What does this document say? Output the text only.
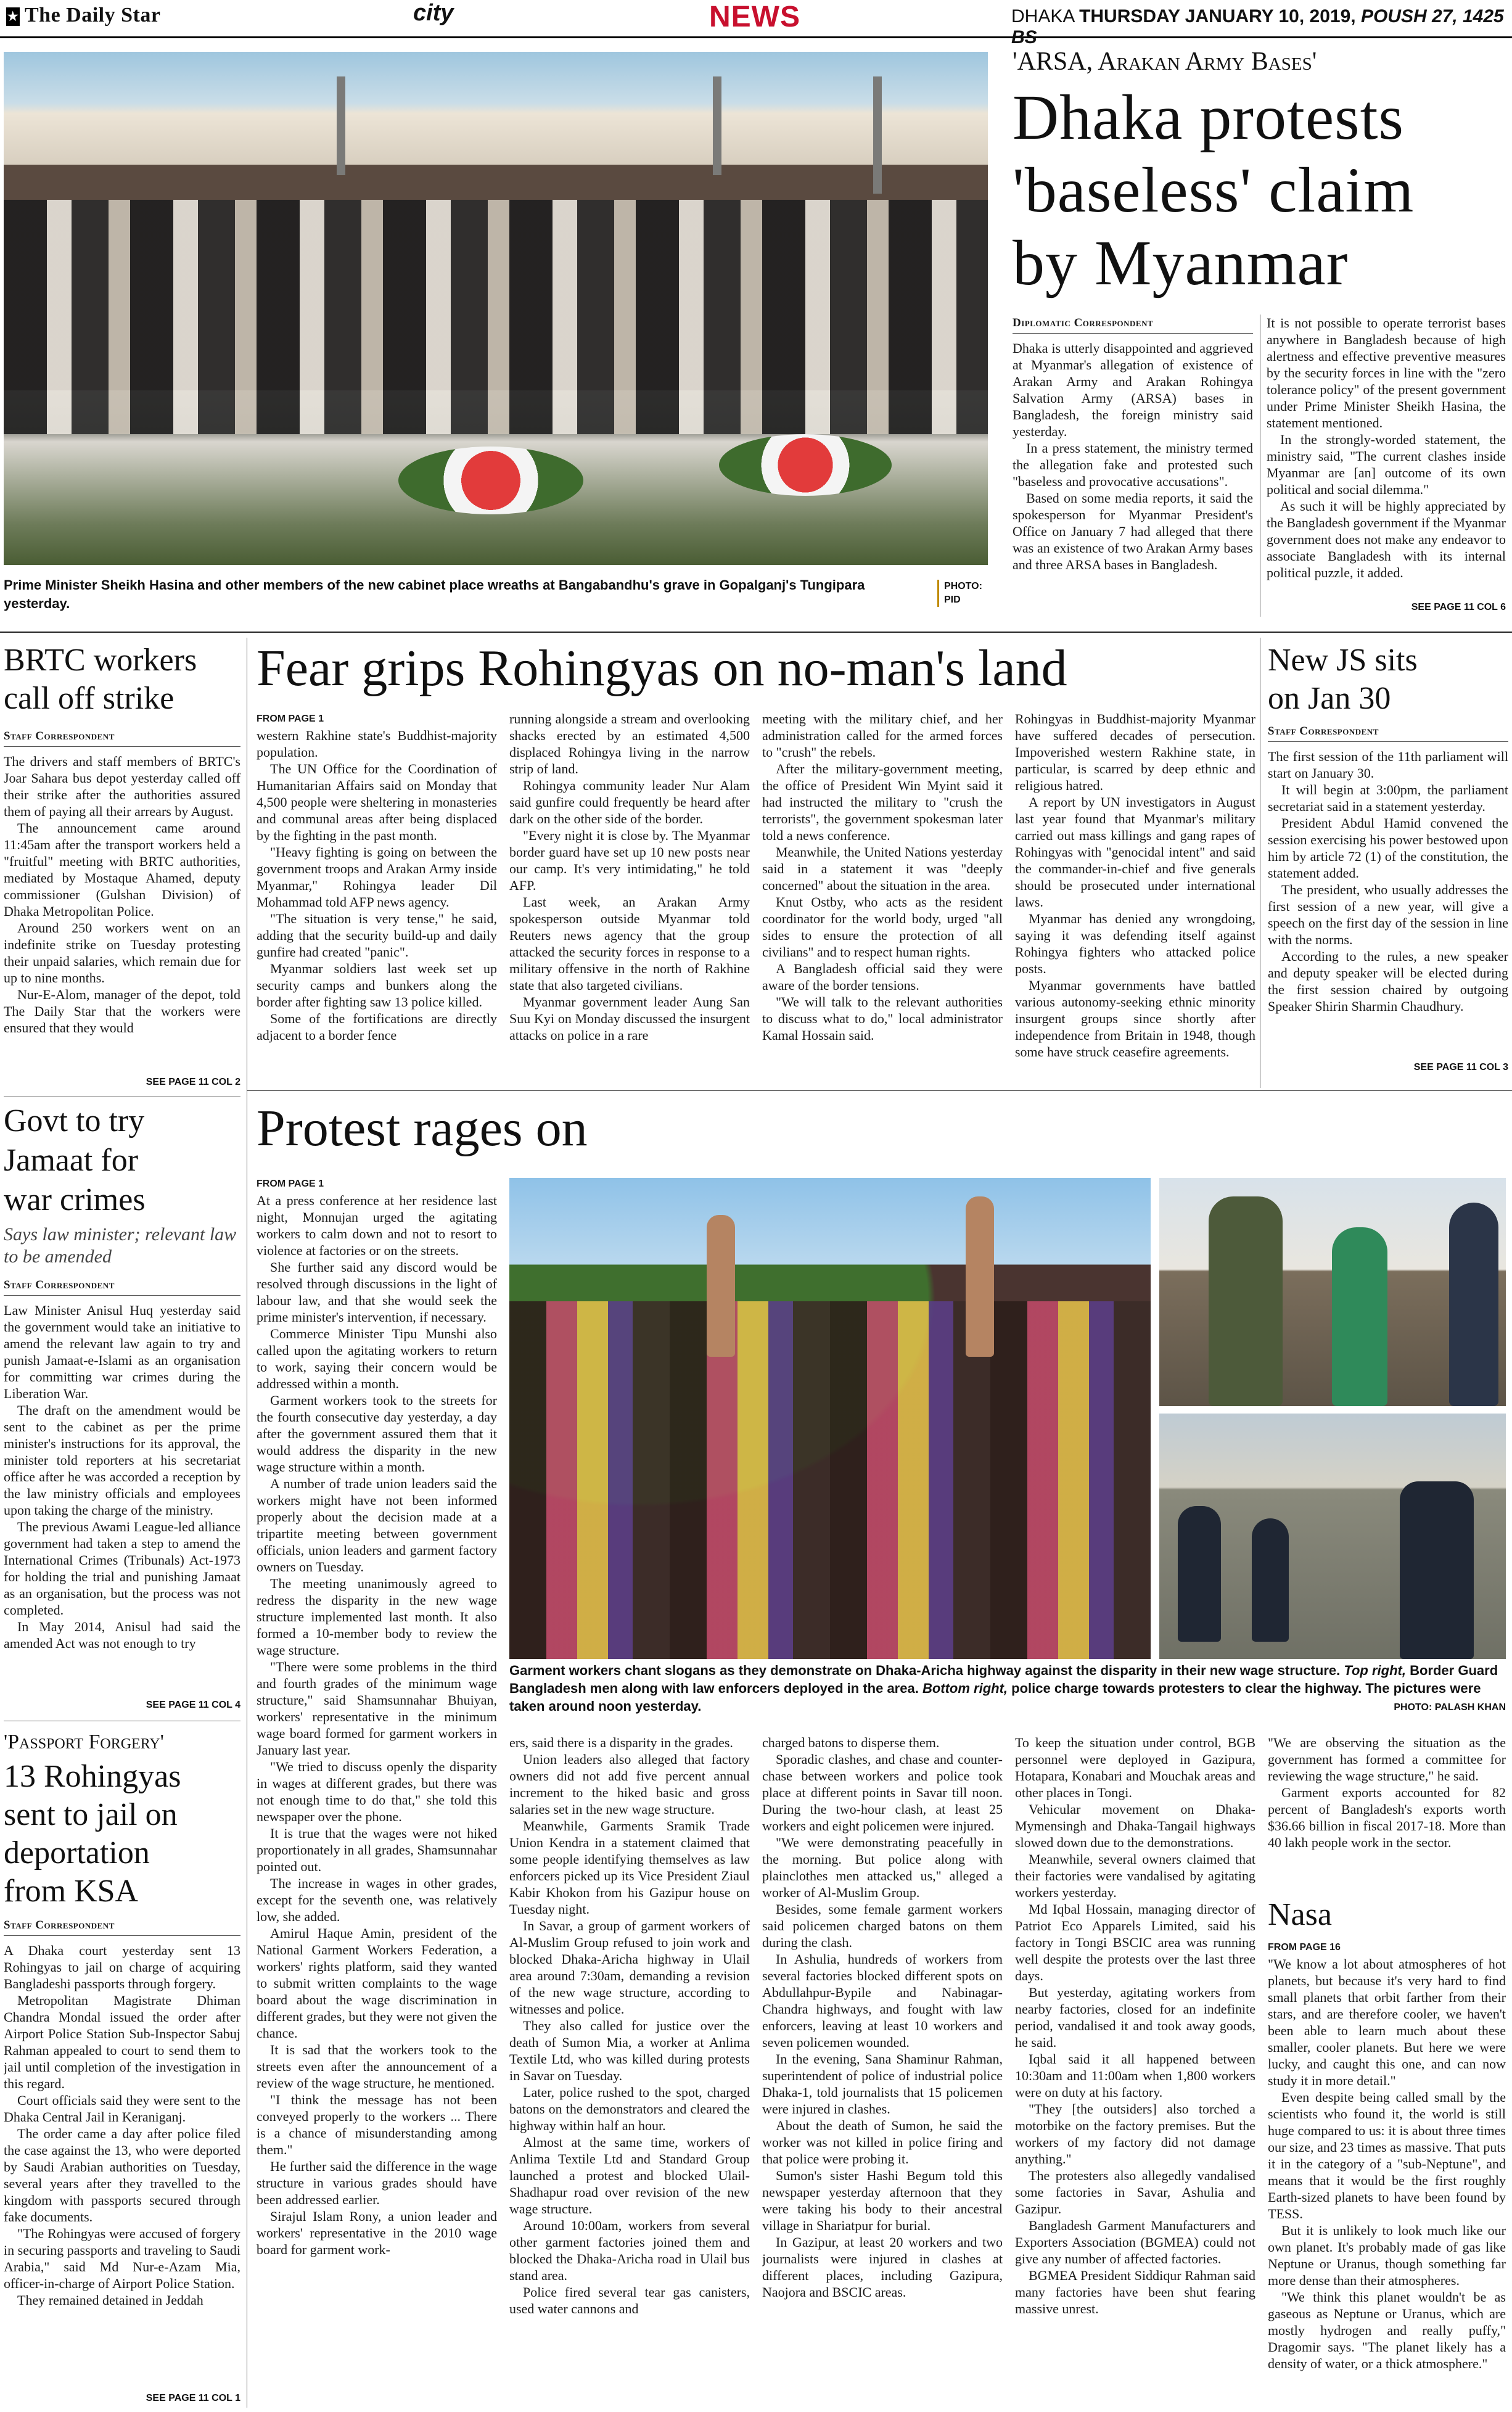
★ The Daily Star	city	NEWS	DHAKA THURSDAY JANUARY 10, 2019, POUSH 27, 1425 BS
Prime Minister Sheikh Hasina and other members of the new cabinet place wreaths at Bangabandhu's grave in Gopalganj's Tungipara yesterday.
PHOTO: PID
'ARSA, Arakan Army Bases'
Dhaka protests
'baseless' claim
by Myanmar
Diplomatic Correspondent

Dhaka is utterly disappointed and aggrieved at Myanmar's allegation of existence of Arakan Army and Arakan Rohingya Salvation Army (ARSA) bases in Bangladesh, the foreign ministry said yesterday.

In a press statement, the ministry termed the allegation fake and protested such "baseless and provocative accusations".

Based on some media reports, it said the spokesperson for Myanmar President's Office on January 7 had alleged that there was an existence of two Arakan Army bases and three ARSA bases in Bangladesh.

It is not possible to operate terrorist bases anywhere in Bangladesh because of high alertness and effective preventive measures by the security forces in line with the "zero tolerance policy" of the present government under Prime Minister Sheikh Hasina, the statement mentioned.

In the strongly-worded statement, the ministry said, "The current clashes inside Myanmar are [an] outcome of its own political and social dilemma."

As such it will be highly appreciated by the Bangladesh government if the Myanmar government does not make any endeavor to associate Bangladesh with its internal political puzzle, it added.

SEE PAGE 11 COL 6
BRTC workers
call off strike
Staff Correspondent

The drivers and staff members of BRTC's Joar Sahara bus depot yesterday called off their strike after the authorities assured them of paying all their arrears by August.

The announcement came around 11:45am after the transport workers held a "fruitful" meeting with BRTC authorities, mediated by Mostaque Ahamed, deputy commissioner (Gulshan Division) of Dhaka Metropolitan Police.

Around 250 workers went on an indefinite strike on Tuesday protesting their unpaid salaries, which remain due for up to nine months.

Nur-E-Alom, manager of the depot, told The Daily Star that the workers were ensured that they would

SEE PAGE 11 COL 2
Fear grips Rohingyas on no-man's land
FROM PAGE 1

western Rakhine state's Buddhist-majority population.

The UN Office for the Coordination of Humanitarian Affairs said on Monday that 4,500 people were sheltering in monasteries and communal areas after being displaced by the fighting in the past month.

"Heavy fighting is going on between the government troops and Arakan Army inside Myanmar," Rohingya leader Dil Mohammad told AFP news agency.

"The situation is very tense," he said, adding that the security build-up and daily gunfire had created "panic".

Myanmar soldiers last week set up security camps and bunkers along the border after fighting saw 13 police killed.

Some of the fortifications are directly adjacent to a border fence

running alongside a stream and overlooking shacks erected by an estimated 4,500 displaced Rohingya living in the narrow strip of land.

Rohingya community leader Nur Alam said gunfire could frequently be heard after dark on the other side of the border.

"Every night it is close by. The Myanmar border guard have set up 10 new posts near our camp. It's very intimidating," he told AFP.

Last week, an Arakan Army spokesperson outside Myanmar told Reuters news agency that the group attacked the security forces in response to a military offensive in the north of Rakhine state that also targeted civilians.

Myanmar government leader Aung San Suu Kyi on Monday discussed the insurgent attacks on police in a rare

meeting with the military chief, and her administration called for the armed forces to "crush" the rebels.

After the military-government meeting, the office of President Win Myint said it had instructed the military to "crush the terrorists", the government spokesman later told a news conference.

Meanwhile, the United Nations yesterday said in a statement it was "deeply concerned" about the situation in the area.

Knut Ostby, who acts as the resident coordinator for the world body, urged "all sides to ensure the protection of all civilians" and to respect human rights.

A Bangladesh official said they were aware of the border tensions.

"We will talk to the relevant authorities to discuss what to do," local administrator Kamal Hossain said.

Rohingyas in Buddhist-majority Myanmar have suffered decades of persecution. Impoverished western Rakhine state, in particular, is scarred by deep ethnic and religious hatred.

A report by UN investigators in August last year found that Myanmar's military carried out mass killings and gang rapes of Rohingyas with "genocidal intent" and said the commander-in-chief and five generals should be prosecuted under international laws.

Myanmar has denied any wrongdoing, saying it was defending itself against Rohingya fighters who attacked police posts.

Myanmar governments have battled various autonomy-seeking ethnic minority insurgent groups since shortly after independence from Britain in 1948, though some have struck ceasefire agreements.

New JS sits
on Jan 30
Staff Correspondent

The first session of the 11th parliament will start on January 30.

It will begin at 3:00pm, the parliament secretariat said in a statement yesterday.

President Abdul Hamid convened the session exercising his power bestowed upon him by article 72 (1) of the constitution, the statement added.

The president, who usually addresses the first session of a new year, will give a speech on the first day of the session in line with the norms.

According to the rules, a new speaker and deputy speaker will be elected during the first session chaired by outgoing Speaker Shirin Sharmin Chaudhury.

SEE PAGE 11 COL 3
Govt to try
Jamaat for
war crimes
Says law minister; relevant law to be amended
Staff Correspondent

Law Minister Anisul Huq yesterday said the government would take an initiative to amend the relevant law again to try and punish Jamaat-e-Islami as an organisation for committing war crimes during the Liberation War.

The draft on the amendment would be sent to the cabinet as per the prime minister's instructions for its approval, the minister told reporters at his secretariat office after he was accorded a reception by the law ministry officials and employees upon taking the charge of the ministry.

The previous Awami League-led alliance government had taken a step to amend the International Crimes (Tribunals) Act-1973 for holding the trial and punishing Jamaat as an organisation, but the process was not completed.

In May 2014, Anisul had said the amended Act was not enough to try

SEE PAGE 11 COL 4
'Passport Forgery'
13 Rohingyas
sent to jail on
deportation
from KSA
Staff Correspondent

A Dhaka court yesterday sent 13 Rohingyas to jail on charge of acquiring Bangladeshi passports through forgery.

Metropolitan Magistrate Dhiman Chandra Mondal issued the order after Airport Police Station Sub-Inspector Sabuj Rahman appealed to court to send them to jail until completion of the investigation in this regard.

Court officials said they were sent to the Dhaka Central Jail in Keraniganj.

The order came a day after police filed the case against the 13, who were deported by Saudi Arabian authorities on Tuesday, several years after they travelled to the kingdom with passports secured through fake documents.

"The Rohingyas were accused of forgery in securing passports and traveling to Saudi Arabia," said Md Nur-e-Azam Mia, officer-in-charge of Airport Police Station.

They remained detained in Jeddah

SEE PAGE 11 COL 1
Protest rages on
FROM PAGE 1

At a press conference at her residence last night, Monnujan urged the agitating workers to calm down and not to resort to violence at factories or on the streets.

She further said any discord would be resolved through discussions in the light of labour law, and that she would seek the prime minister's intervention, if necessary.

Commerce Minister Tipu Munshi also called upon the agitating workers to return to work, saying their concern would be addressed within a month.

Garment workers took to the streets for the fourth consecutive day yesterday, a day after the government assured them that it would address the disparity in the new wage structure within a month.

A number of trade union leaders said the workers might have not been informed properly about the decision made at a tripartite meeting between government officials, union leaders and garment factory owners on Tuesday.

The meeting unanimously agreed to redress the disparity in the new wage structure implemented last month. It also formed a 10-member body to review the wage structure.

"There were some problems in the third and fourth grades of the minimum wage structure," said Shamsunnahar Bhuiyan, workers' representative in the minimum wage board formed for garment workers in January last year.

"We tried to discuss openly the disparity in wages at different grades, but there was not enough time to do that," she told this newspaper over the phone.

It is true that the wages were not hiked proportionately in all grades, Shamsunnahar pointed out.

The increase in wages in other grades, except for the seventh one, was relatively low, she added.

Amirul Haque Amin, president of the National Garment Workers Federation, a workers' rights platform, said they wanted to submit written complaints to the wage board about the wage discrimination in different grades, but they were not given the chance.

It is sad that the workers took to the streets even after the announcement of a review of the wage structure, he mentioned.

"I think the message has not been conveyed properly to the workers ... There is a chance of misunderstanding among them."

He further said the difference in the wage structure in various grades should have been addressed earlier.

Sirajul Islam Rony, a union leader and workers' representative in the 2010 wage board for garment work-

Garment workers chant slogans as they demonstrate on Dhaka-Aricha highway against the disparity in their new wage structure. Top right, Border Guard Bangladesh men along with law enforcers deployed in the area. Bottom right, police charge towards protesters to clear the highway. The pictures were taken around noon yesterday.	PHOTO: PALASH KHAN

ers, said there is a disparity in the grades.

Union leaders also alleged that factory owners did not add five percent annual increment to the hiked basic and gross salaries set in the new wage structure.

Meanwhile, Garments Sramik Trade Union Kendra in a statement claimed that some people identifying themselves as law enforcers picked up its Vice President Ziaul Kabir Khokon from his Gazipur house on Tuesday night.

In Savar, a group of garment workers of Al-Muslim Group refused to join work and blocked Dhaka-Aricha highway in Ulail area around 7:30am, demanding a revision of the new wage structure, according to witnesses and police.

They also called for justice over the death of Sumon Mia, a worker at Anlima Textile Ltd, who was killed during protests in Savar on Tuesday.

Later, police rushed to the spot, charged batons on the demonstrators and cleared the highway within half an hour.

Almost at the same time, workers of Anlima Textile Ltd and Standard Group launched a protest and blocked Ulail-Shadhapur road over revision of the new wage structure.

Around 10:00am, workers from several other garment factories joined them and blocked the Dhaka-Aricha road in Ulail bus stand area.

Police fired several tear gas canisters, used water cannons and

charged batons to disperse them.

Sporadic clashes, and chase and counter-chase between workers and police took place at different points in Savar till noon. During the two-hour clash, at least 25 workers and eight policemen were injured.

"We were demonstrating peacefully in the morning. But police along with plainclothes men attacked us," alleged a worker of Al-Muslim Group.

Besides, some female garment workers said policemen charged batons on them during the clash.

In Ashulia, hundreds of workers from several factories blocked different spots on Abdullahpur-Bypile and Nabinagar-Chandra highways, and fought with law enforcers, leaving at least 10 workers and seven policemen wounded.

In the evening, Sana Shaminur Rahman, superintendent of police of industrial police Dhaka-1, told journalists that 15 policemen were injured in clashes.

About the death of Sumon, he said the worker was not killed in police firing and that police were probing it.

Sumon's sister Hashi Begum told this newspaper yesterday afternoon that they were taking his body to their ancestral village in Shariatpur for burial.

In Gazipur, at least 20 workers and two journalists were injured in clashes at different places, including Gazipura, Naojora and BSCIC areas.

To keep the situation under control, BGB personnel were deployed in Gazipura, Hotapara, Konabari and Mouchak areas and other places in Tongi.

Vehicular movement on Dhaka-Mymensingh and Dhaka-Tangail highways slowed down due to the demonstrations.

Meanwhile, several owners claimed that their factories were vandalised by agitating workers yesterday.

Md Iqbal Hossain, managing director of Patriot Eco Apparels Limited, said his factory in Tongi BSCIC area was running well despite the protests over the last three days.

But yesterday, agitating workers from nearby factories, closed for an indefinite period, vandalised it and took away goods, he said.

Iqbal said it all happened between 10:30am and 11:00am when 1,800 workers were on duty at his factory.

"They [the outsiders] also torched a motorbike on the factory premises. But the workers of my factory did not damage anything."

The protesters also allegedly vandalised some factories in Savar, Ashulia and Gazipur.

Bangladesh Garment Manufacturers and Exporters Association (BGMEA) could not give any number of affected factories.

BGMEA President Siddiqur Rahman said many factories have been shut fearing massive unrest.

"We are observing the situation as the government has formed a committee for reviewing the wage structure," he said.

Garment exports accounted for 82 percent of Bangladesh's exports worth $36.66 billion in fiscal 2017-18. More than 40 lakh people work in the sector.

Nasa
FROM PAGE 16

"We know a lot about atmospheres of hot planets, but because it's very hard to find small planets that orbit farther from their stars, and are therefore cooler, we haven't been able to learn much about these smaller, cooler planets. But here we were lucky, and caught this one, and can now study it in more detail."

Even despite being called small by the scientists who found it, the world is still huge compared to us: it is about three times our size, and 23 times as massive. That puts it in the category of a "sub-Neptune", and means that it would be the first roughly Earth-sized planets to have been found by TESS.

But it is unlikely to look much like our own planet. It's probably made of gas like Neptune or Uranus, though something far more dense than their atmospheres.

"We think this planet wouldn't be as gaseous as Neptune or Uranus, which are mostly hydrogen and really puffy," Dragomir says. "The planet likely has a density of water, or a thick atmosphere."
